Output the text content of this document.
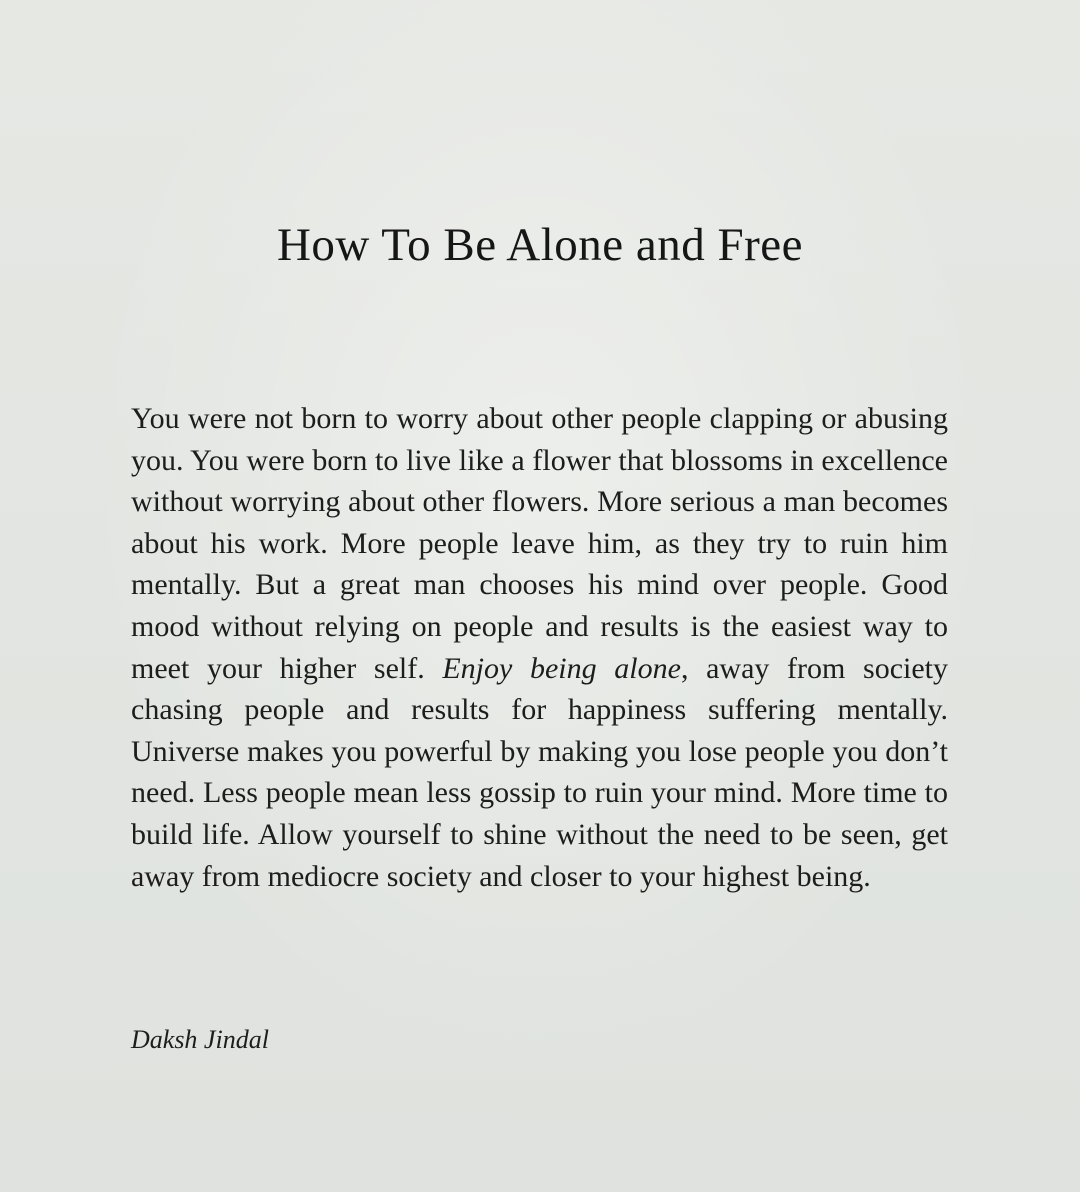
How To Be Alone and Free

You were not born to worry about other people clapping or abusing you. You were born to live like a flower that blossoms in excellence without worrying about other flowers. More serious a man becomes about his work. More people leave him, as they try to ruin him mentally. But a great man chooses his mind over people. Good mood without relying on people and results is the easiest way to meet your higher self. Enjoy being alone, away from society chasing people and results for happiness suffering mentally. Universe makes you powerful by making you lose people you don’t need. Less people mean less gossip to ruin your mind. More time to build life. Allow yourself to shine without the need to be seen, get away from mediocre society and closer to your highest being.

Daksh Jindal
